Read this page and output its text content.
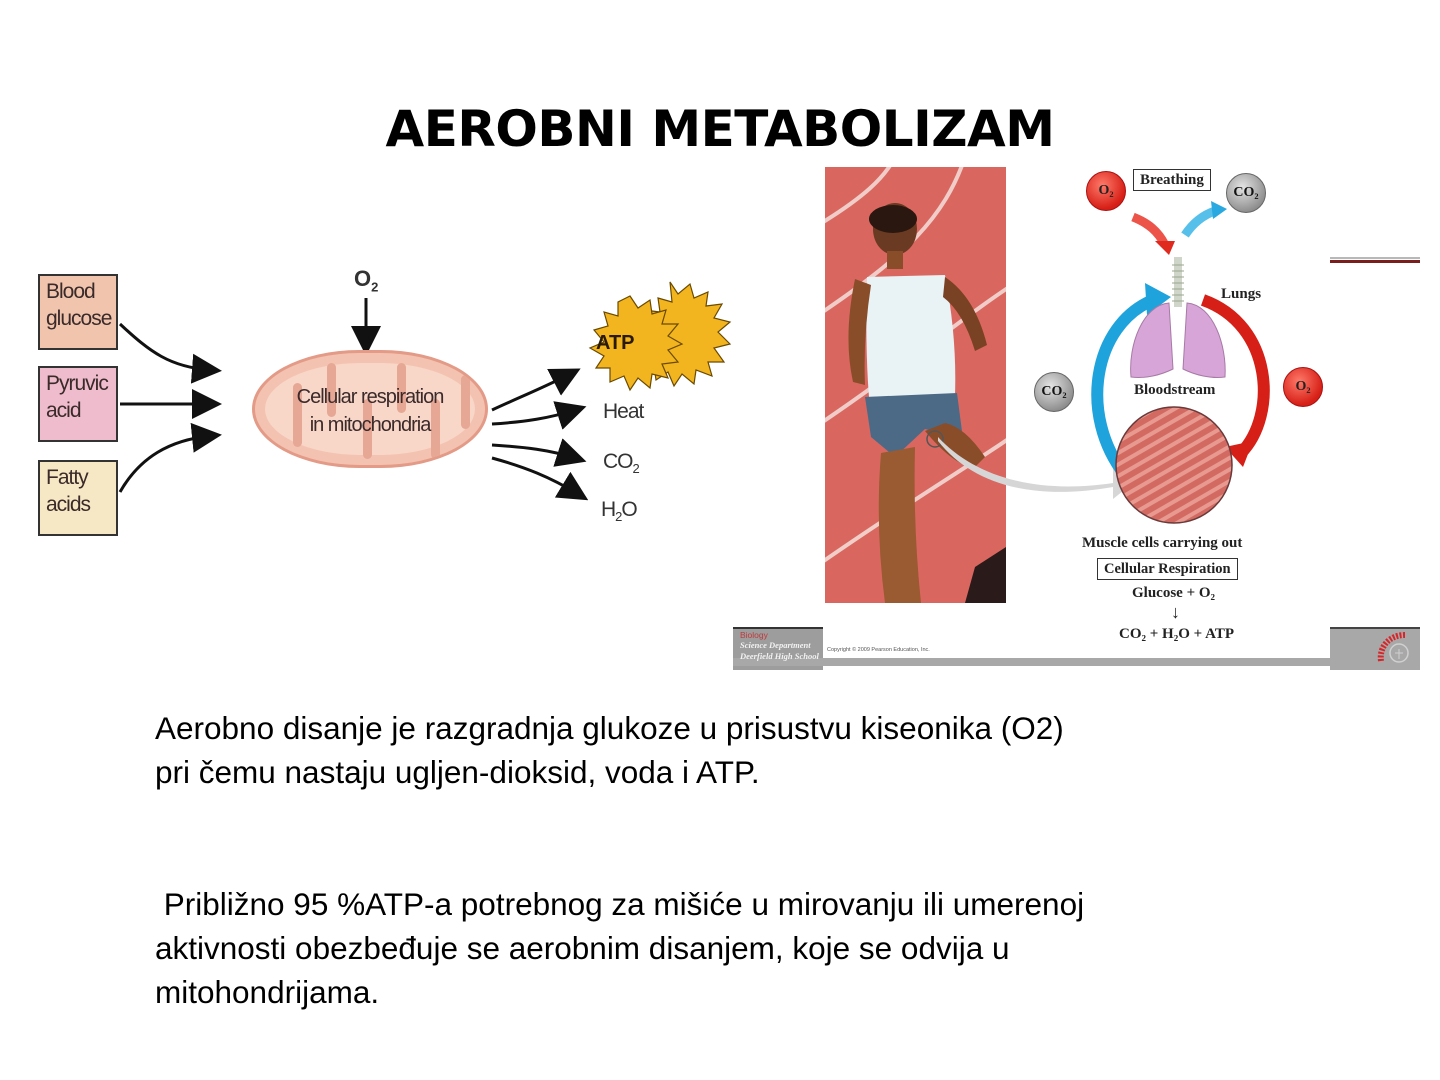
AEROBNI METABOLIZAM
Blood
glucose
Pyruvic
acid
Fatty
acids
$O_2$
Cellular respiration
in mitochondria
ATP
Heat
$CO_2$
$H_2O$
O₂
Breathing
CO₂
Lungs
CO₂	Bloodstream	O₂
Muscle cells carrying out
Cellular Respiration
Glucose + O₂
↓
CO₂ + H₂O + ATP
Biology
Science Department
Deerfield High School
Copyright © 2009 Pearson Education, Inc.

Aerobno disanje je razgradnja glukoze u prisustvu kiseonika (O2)
pri čemu nastaju ugljen-dioksid, voda i ATP.

Približno 95 %ATP-a potrebnog za mišiće u mirovanju ili umerenoj
aktivnosti obezbeđuje se aerobnim disanjem, koje se odvija u
mitohondrijama.
